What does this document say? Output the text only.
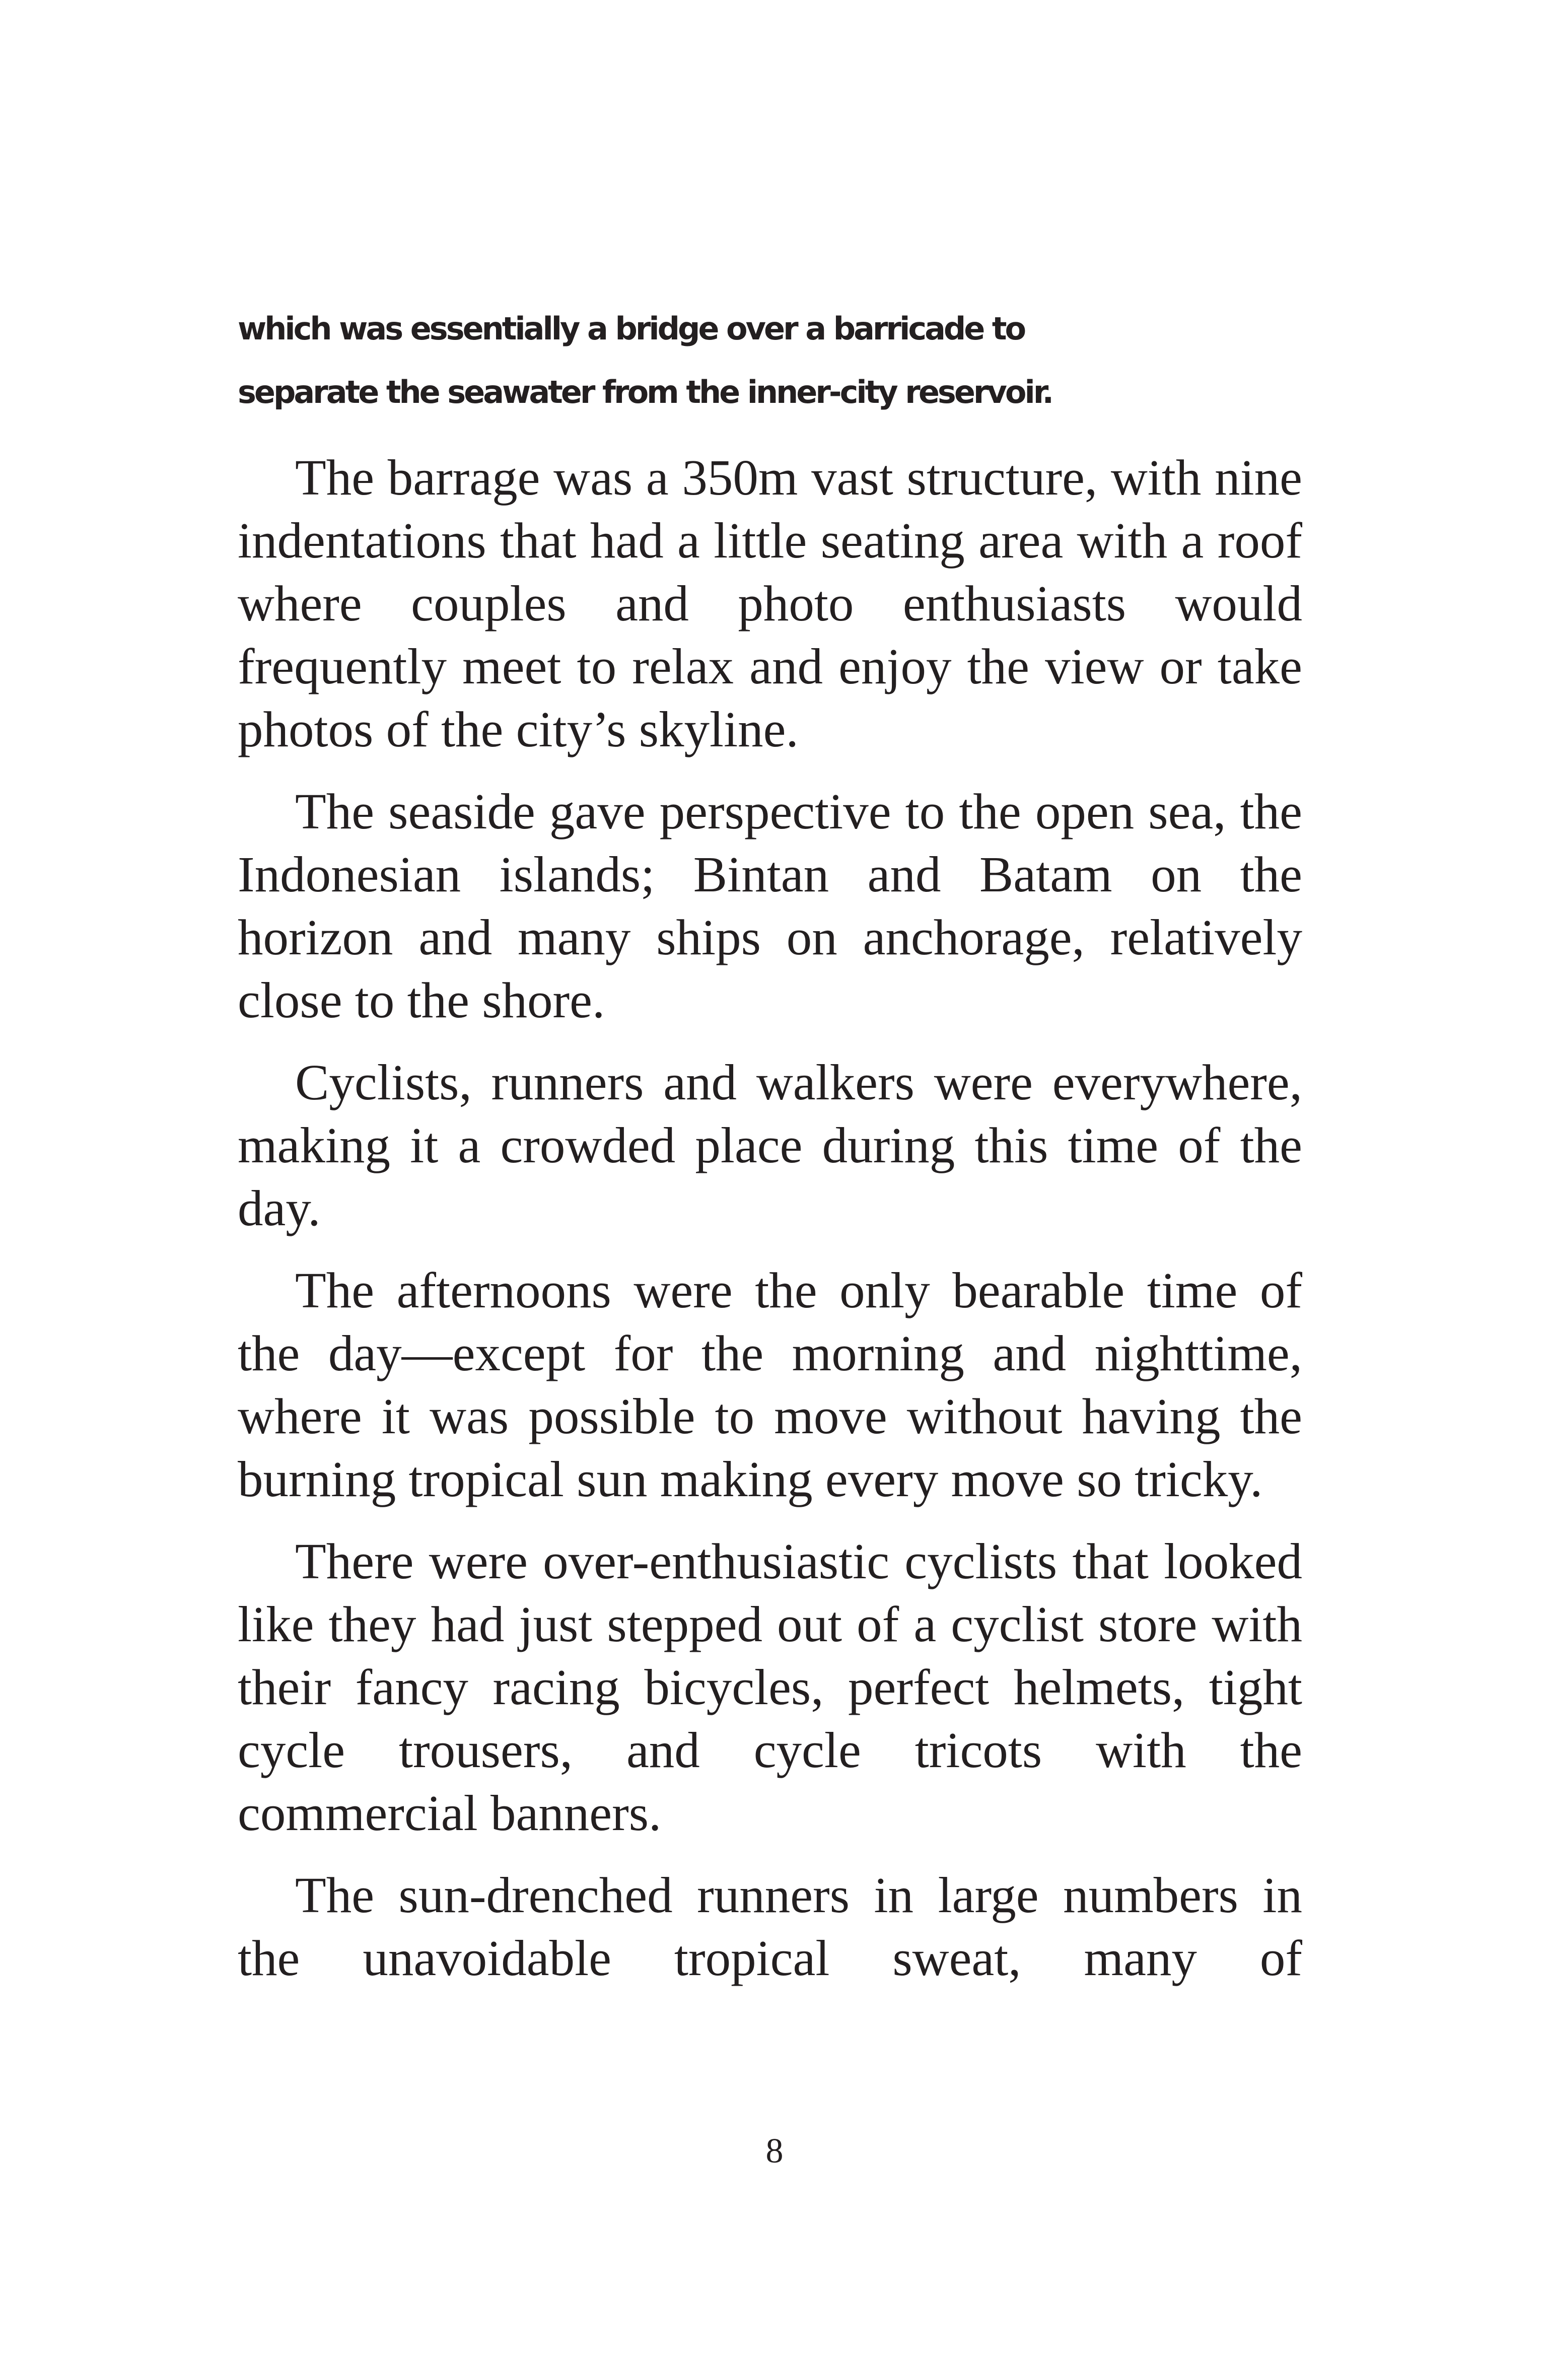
which was essentially a bridge over a barricade to
separate the seawater from the inner-city reservoir.

The barrage was a 350m vast structure, with nine indentations that had a little seating area with a roof where couples and photo enthusiasts would frequently meet to relax and enjoy the view or take photos of the city’s skyline.

The seaside gave perspective to the open sea, the Indonesian islands; Bintan and Batam on the horizon and many ships on anchorage, relatively close to the shore.

Cyclists, runners and walkers were everywhere, making it a crowded place during this time of the day.

The afternoons were the only bearable time of the day—except for the morning and nighttime, where it was possible to move without having the burning tropical sun making every move so tricky.

There were over-enthusiastic cyclists that looked like they had just stepped out of a cyclist store with their fancy racing bicycles, perfect helmets, tight cycle trousers, and cycle tricots with the commercial banners.

The sun-drenched runners in large numbers in the unavoidable tropical sweat, many of

8
